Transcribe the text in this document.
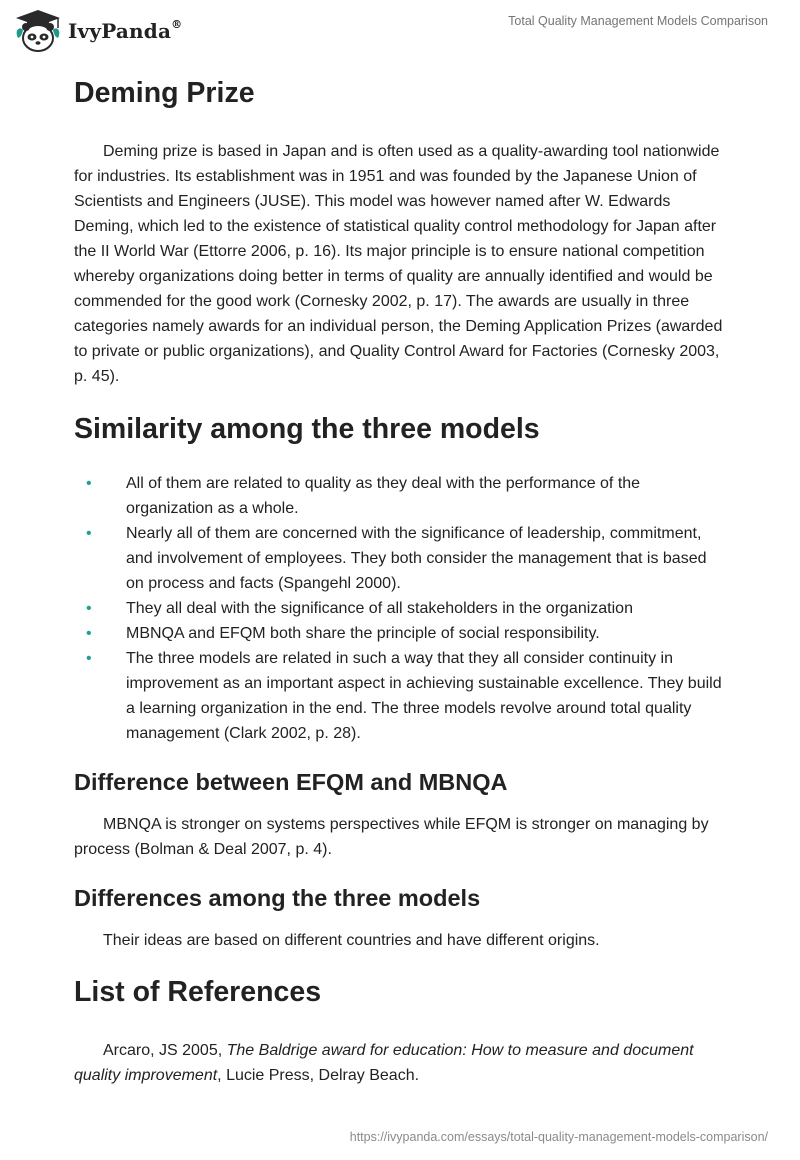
IvyPanda®	Total Quality Management Models Comparison
Deming Prize

Deming prize is based in Japan and is often used as a quality-awarding tool nationwide for industries. Its establishment was in 1951 and was founded by the Japanese Union of Scientists and Engineers (JUSE). This model was however named after W. Edwards Deming, which led to the existence of statistical quality control methodology for Japan after the II World War (Ettorre 2006, p. 16). Its major principle is to ensure national competition whereby organizations doing better in terms of quality are annually identified and would be commended for the good work (Cornesky 2002, p. 17). The awards are usually in three categories namely awards for an individual person, the Deming Application Prizes (awarded to private or public organizations), and Quality Control Award for Factories (Cornesky 2003, p. 45).

Similarity among the three models
• All of them are related to quality as they deal with the performance of the organization as a whole.
• Nearly all of them are concerned with the significance of leadership, commitment, and involvement of employees. They both consider the management that is based on process and facts (Spangehl 2000).
• They all deal with the significance of all stakeholders in the organization
• MBNQA and EFQM both share the principle of social responsibility.
• The three models are related in such a way that they all consider continuity in improvement as an important aspect in achieving sustainable excellence. They build a learning organization in the end. The three models revolve around total quality management (Clark 2002, p. 28).
Difference between EFQM and MBNQA

MBNQA is stronger on systems perspectives while EFQM is stronger on managing by process (Bolman & Deal 2007, p. 4).

Differences among the three models

Their ideas are based on different countries and have different origins.

List of References

Arcaro, JS 2005, The Baldrige award for education: How to measure and document quality improvement, Lucie Press, Delray Beach.

https://ivypanda.com/essays/total-quality-management-models-comparison/
